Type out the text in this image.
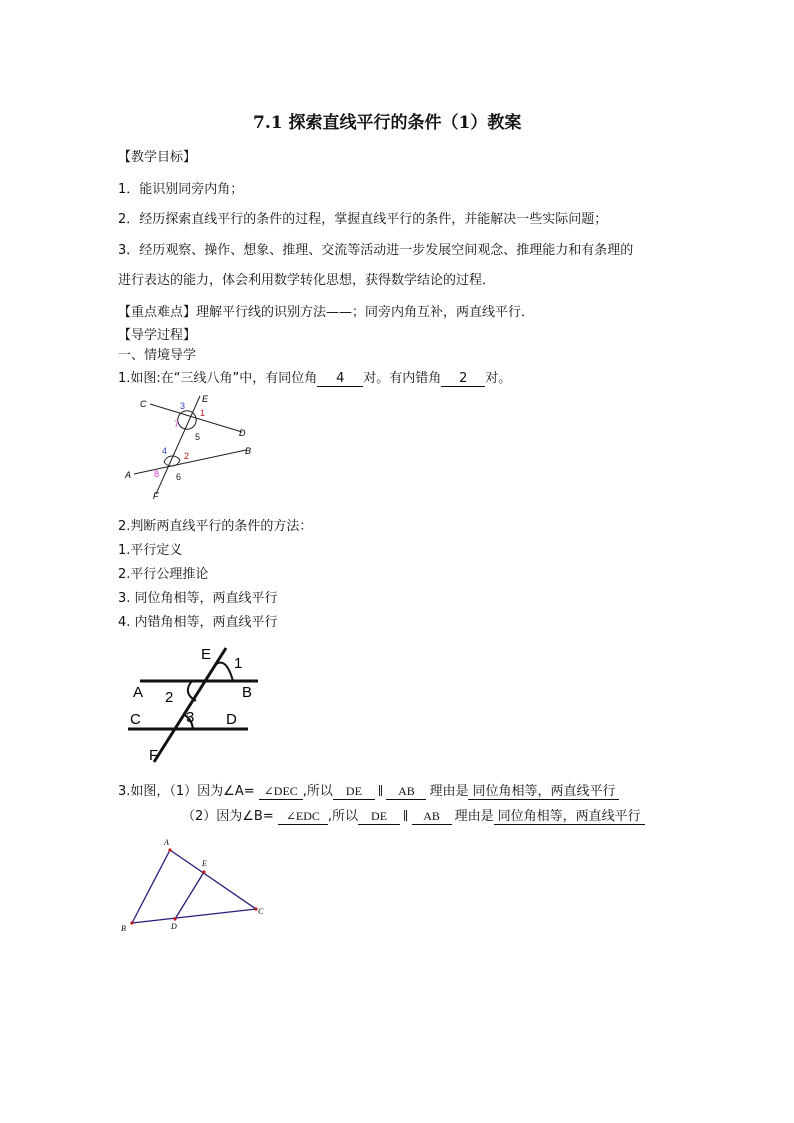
7.1 探索直线平行的条件（1）教案
【教学目标】
1．能识别同旁内角；
2．经历探索直线平行的条件的过程，掌握直线平行的条件，并能解决一些实际问题；
3．经历观察、操作、想象、推理、交流等活动进一步发展空间观念、推理能力和有条理的
进行表达的能力，体会利用数学转化思想，获得数学结论的过程．
【重点难点】理解平行线的识别方法——；同旁内角互补，两直线平行．
【导学过程】
一、情境导学
1.如图:在“三线八角”中，有同位角 4 对。有内错角 2 对。
C	E
D
A
B
F
3
1
7
5
4 2
8 6
2.判断两直线平行的条件的方法：
1.平行定义
2.平行公理推论
3. 同位角相等，两直线平行
4. 内错角相等，两直线平行
E
1
A 2	B
C	3 D
F
3.如图，（1）因为∠A= ∠DEC ,所以 DE ∥ AB 理由是 同位角相等，两直线平行
（2）因为∠B= ∠EDC ,所以 DE ∥ AB 理由是 同位角相等，两直线平行
A
E
B	D
C
